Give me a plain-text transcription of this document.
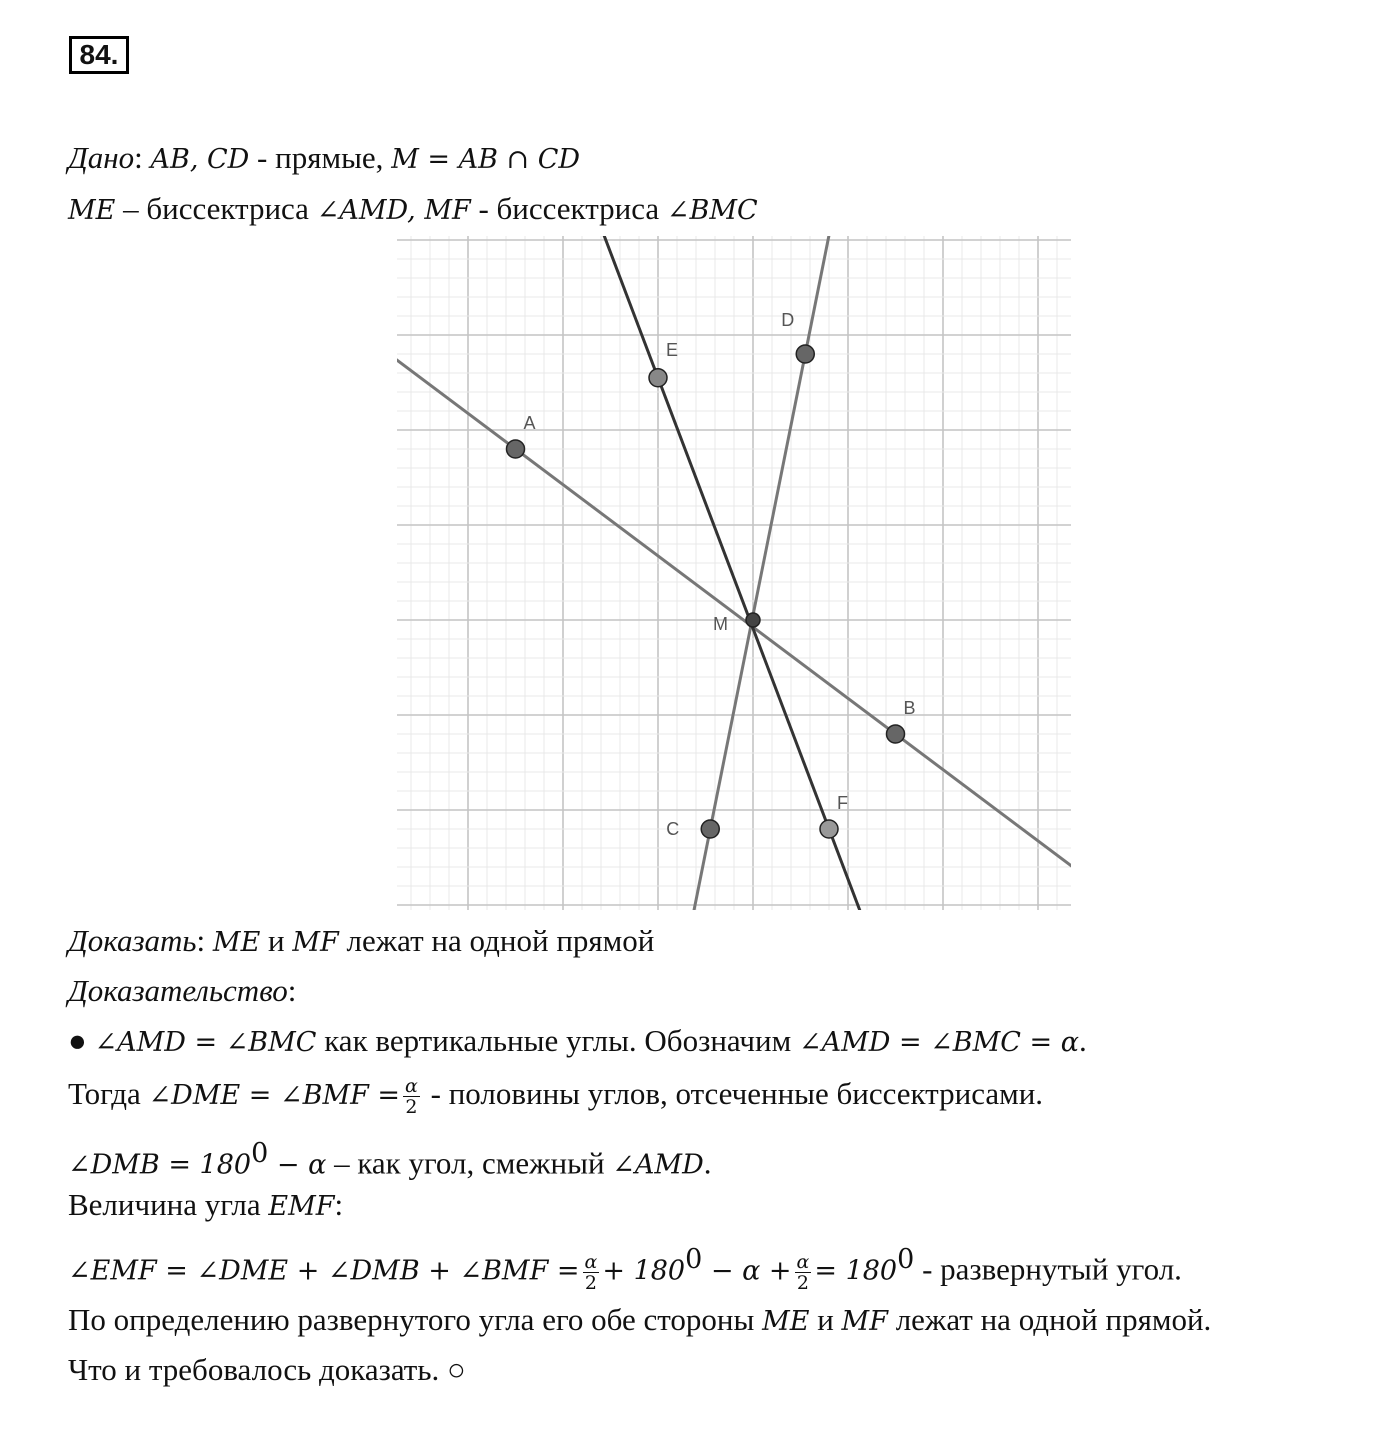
84.
Дано: AB, CD - прямые, M = AB ∩ CD
ME – биссектриса ∠AMD, MF - биссектриса ∠BMC
A
B
C
D
E
F
M
Доказать: ME и MF лежат на одной прямой
Доказательство:
● ∠AMD = ∠BMC как вертикальные углы. Обозначим ∠AMD = ∠BMC = α.
Тогда ∠DME = ∠BMF = $\frac{\alpha}{2}$ - половины углов, отсеченные биссектрисами.
∠DMB = $180^0 - \alpha$ – как угол, смежный ∠AMD.
Величина угла EMF:
∠EMF = ∠DME + ∠DMB + ∠BMF = $\frac{\alpha}{2} + 180^0 - \alpha + \frac{\alpha}{2} = 180^0$ - развернутый угол.
По определению развернутого угла его обе стороны ME и MF лежат на одной прямой.
Что и требовалось доказать. ○
